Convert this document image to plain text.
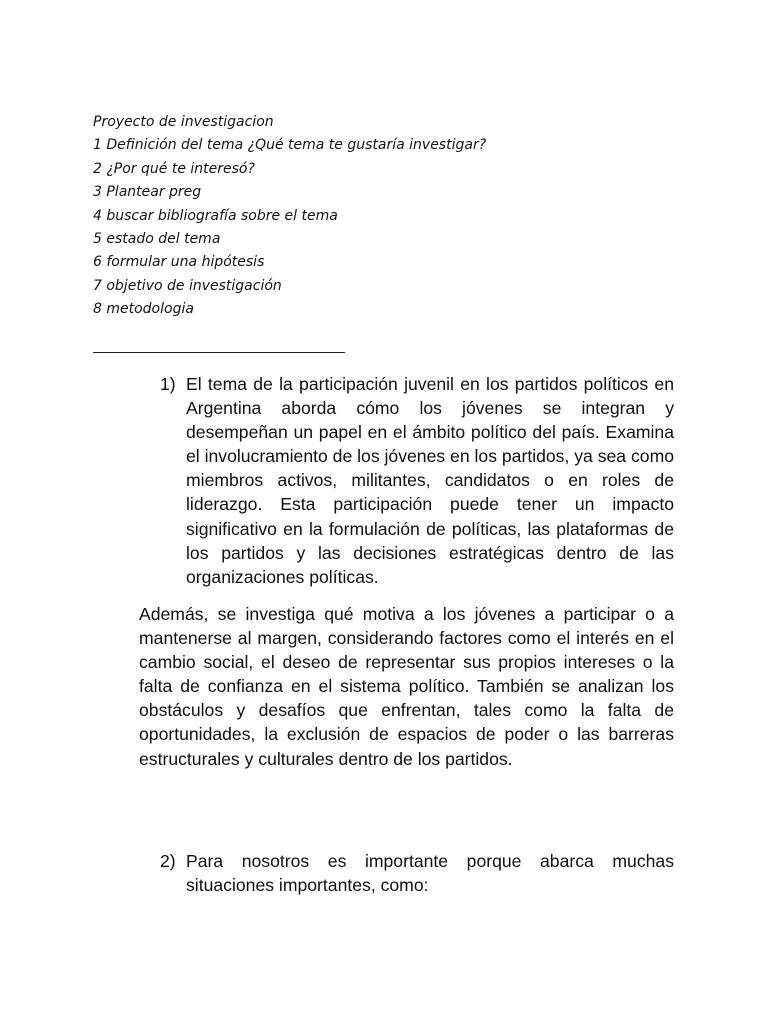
Proyecto de investigacion
1 Definición del tema ¿Qué tema te gustaría investigar?
2 ¿Por qué te interesó?
3 Plantear preg
4 buscar bibliografía sobre el tema
5 estado del tema
6 formular una hipótesis
7 objetivo de investigación
8 metodologia
1) El tema de la participación juvenil en los partidos políticos en Argentina aborda cómo los jóvenes se integran y desempeñan un papel en el ámbito político del país. Examina el involucramiento de los jóvenes en los partidos, ya sea como miembros activos, militantes, candidatos o en roles de liderazgo. Esta participación puede tener un impacto significativo en la formulación de políticas, las plataformas de los partidos y las decisiones estratégicas dentro de las organizaciones políticas.

Además, se investiga qué motiva a los jóvenes a participar o a mantenerse al margen, considerando factores como el interés en el cambio social, el deseo de representar sus propios intereses o la falta de confianza en el sistema político. También se analizan los obstáculos y desafíos que enfrentan, tales como la falta de oportunidades, la exclusión de espacios de poder o las barreras estructurales y culturales dentro de los partidos.

2) Para nosotros es importante porque abarca muchas situaciones importantes, como:
